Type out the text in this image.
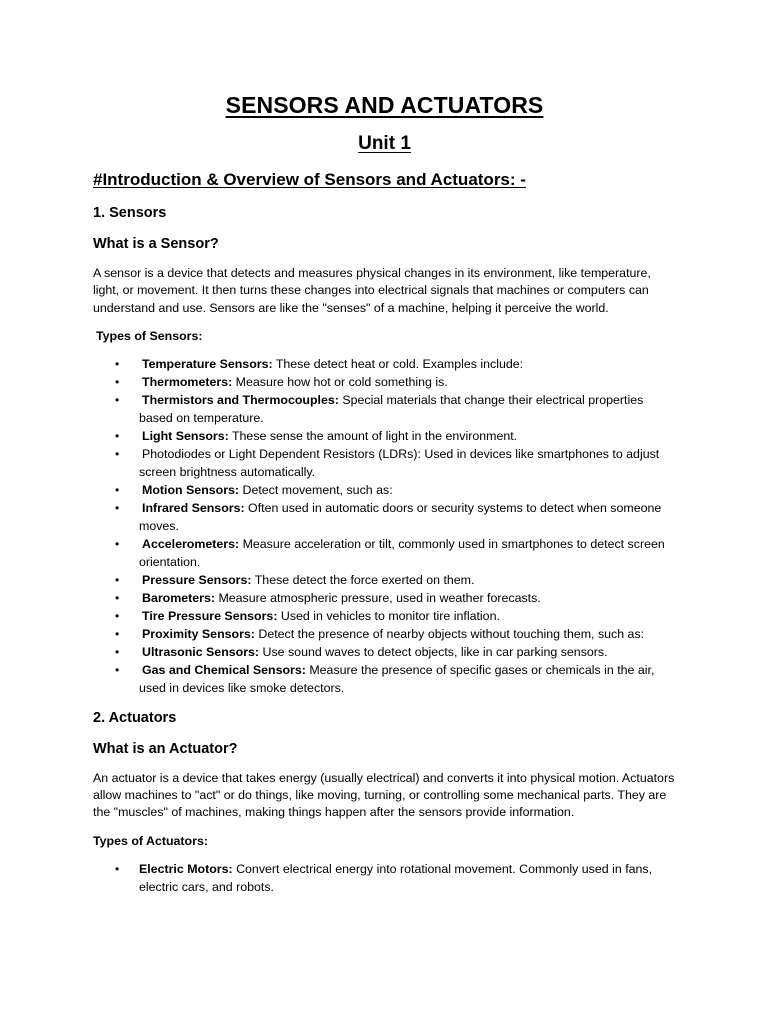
SENSORS AND ACTUATORS
Unit 1
#Introduction & Overview of Sensors and Actuators: -
1. Sensors
What is a Sensor?

A sensor is a device that detects and measures physical changes in its environment, like temperature, light, or movement. It then turns these changes into electrical signals that machines or computers can understand and use. Sensors are like the "senses" of a machine, helping it perceive the world.

Types of Sensors:
• Temperature Sensors: These detect heat or cold. Examples include:
• Thermometers: Measure how hot or cold something is.
• Thermistors and Thermocouples: Special materials that change their electrical properties based on temperature.
• Light Sensors: These sense the amount of light in the environment.
• Photodiodes or Light Dependent Resistors (LDRs): Used in devices like smartphones to adjust screen brightness automatically.
• Motion Sensors: Detect movement, such as:
• Infrared Sensors: Often used in automatic doors or security systems to detect when someone moves.
• Accelerometers: Measure acceleration or tilt, commonly used in smartphones to detect screen orientation.
• Pressure Sensors: These detect the force exerted on them.
• Barometers: Measure atmospheric pressure, used in weather forecasts.
• Tire Pressure Sensors: Used in vehicles to monitor tire inflation.
• Proximity Sensors: Detect the presence of nearby objects without touching them, such as:
• Ultrasonic Sensors: Use sound waves to detect objects, like in car parking sensors.
• Gas and Chemical Sensors: Measure the presence of specific gases or chemicals in the air, used in devices like smoke detectors.
2. Actuators
What is an Actuator?

An actuator is a device that takes energy (usually electrical) and converts it into physical motion. Actuators allow machines to "act" or do things, like moving, turning, or controlling some mechanical parts. They are the "muscles" of machines, making things happen after the sensors provide information.

Types of Actuators:
• Electric Motors: Convert electrical energy into rotational movement. Commonly used in fans, electric cars, and robots.
